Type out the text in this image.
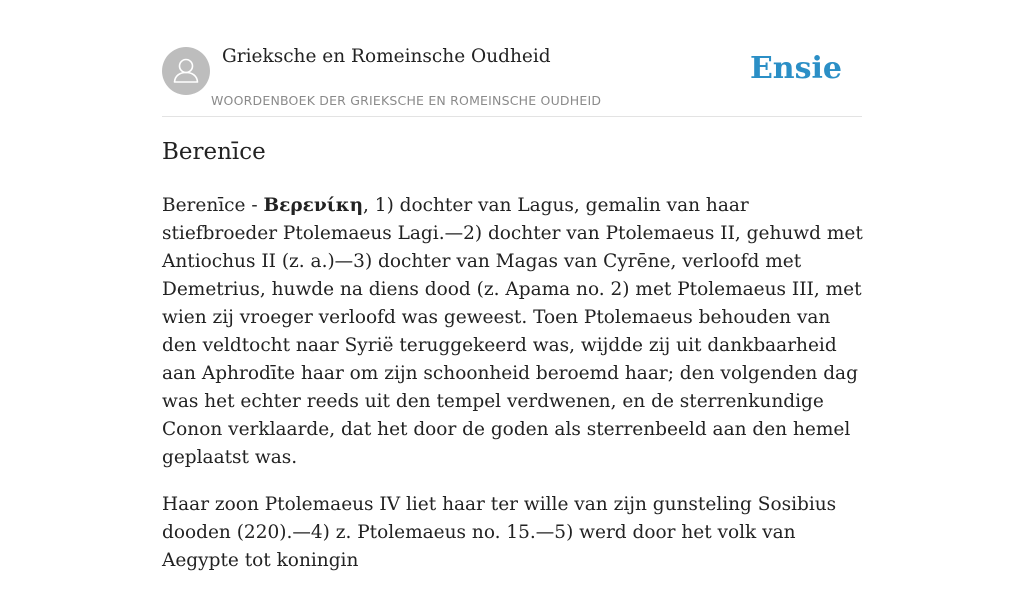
Grieksche en Romeinsche Oudheid
WOORDENBOEK DER GRIEKSCHE EN ROMEINSCHE OUDHEID
Ensie
Berenīce

Berenīce - Βερενίκη, 1) dochter van Lagus, gemalin van haar stiefbroeder Ptolemaeus Lagi.—2) dochter van Ptolemaeus II, gehuwd met Antiochus II (z. a.)—3) dochter van Magas van Cyrēne, verloofd met Demetrius, huwde na diens dood (z. Apama no. 2) met Ptolemaeus III, met wien zij vroeger verloofd was geweest. Toen Ptolemaeus behouden van den veldtocht naar Syrië teruggekeerd was, wijdde zij uit dankbaarheid aan Aphrodīte haar om zijn schoonheid beroemd haar; den volgenden dag was het echter reeds uit den tempel verdwenen, en de sterrenkundige Conon verklaarde, dat het door de goden als sterrenbeeld aan den hemel geplaatst was.

Haar zoon Ptolemaeus IV liet haar ter wille van zijn gunsteling Sosibius dooden (220).—4) z. Ptolemaeus no. 15.—5) werd door het volk van Aegypte tot koningin
